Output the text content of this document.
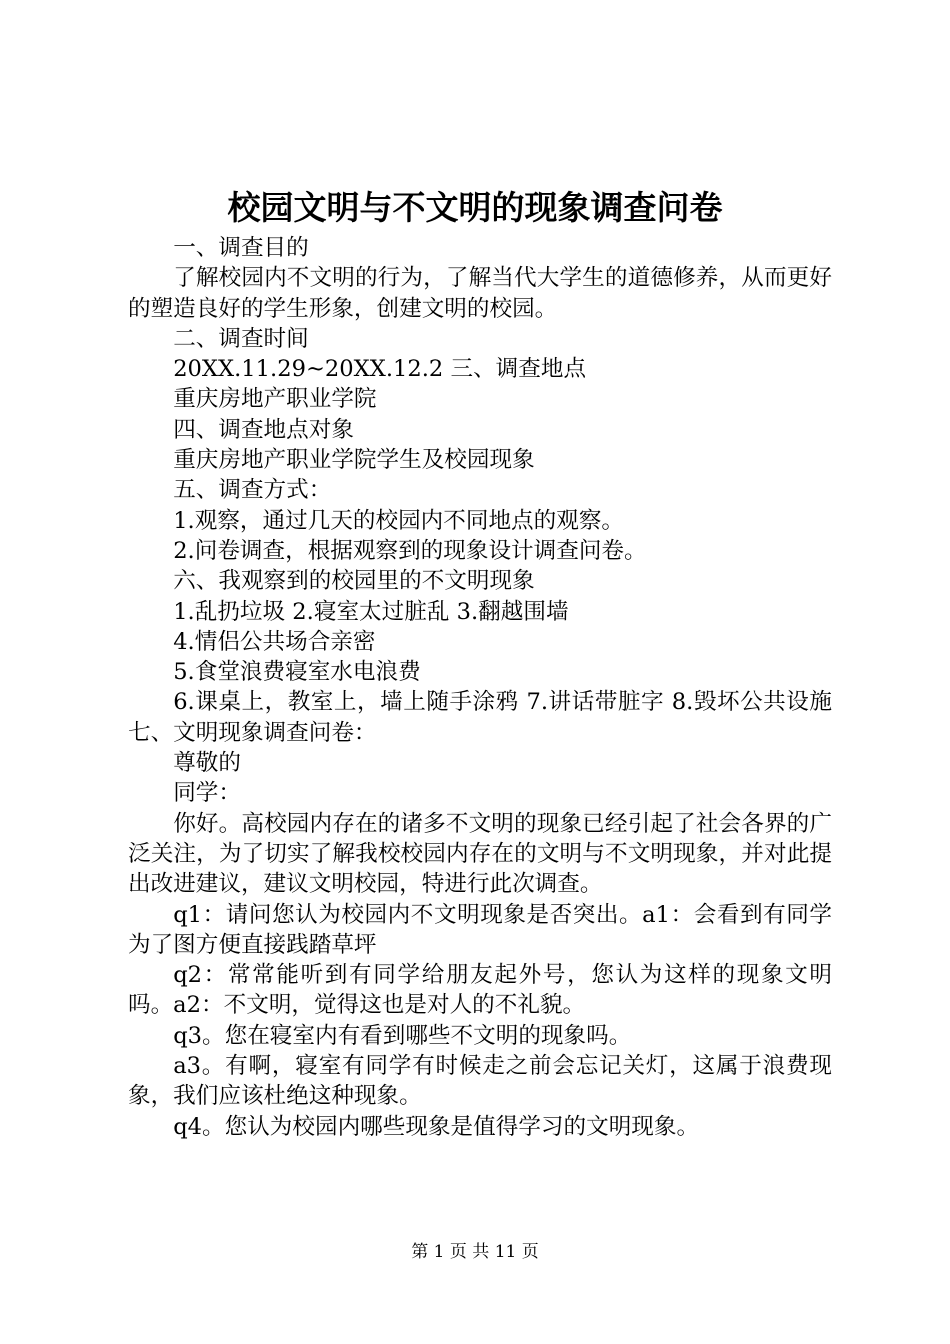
校园文明与不文明的现象调查问卷

一、调查目的

了解校园内不文明的行为，了解当代大学生的道德修养，从而更好的塑造良好的学生形象，创建文明的校园。

二、调查时间

20XX.11.29~20XX.12.2 三、调查地点

重庆房地产职业学院

四、调查地点对象

重庆房地产职业学院学生及校园现象

五、调查方式：

1.观察，通过几天的校园内不同地点的观察。

2.问卷调查，根据观察到的现象设计调查问卷。

六、我观察到的校园里的不文明现象

1.乱扔垃圾 2.寝室太过脏乱 3.翻越围墙

4.情侣公共场合亲密

5.食堂浪费寝室水电浪费

6.课桌上，教室上，墙上随手涂鸦 7.讲话带脏字 8.毁坏公共设施七、文明现象调查问卷：

尊敬的

同学：

你好。高校园内存在的诸多不文明的现象已经引起了社会各界的广泛关注，为了切实了解我校校园内存在的文明与不文明现象，并对此提出改进建议，建议文明校园，特进行此次调查。

q1：请问您认为校园内不文明现象是否突出。a1：会看到有同学为了图方便直接践踏草坪

q2：常常能听到有同学给朋友起外号，您认为这样的现象文明吗。a2：不文明，觉得这也是对人的不礼貌。

q3。您在寝室内有看到哪些不文明的现象吗。

a3。有啊，寝室有同学有时候走之前会忘记关灯，这属于浪费现象，我们应该杜绝这种现象。

q4。您认为校园内哪些现象是值得学习的文明现象。

第 1 页 共 11 页
